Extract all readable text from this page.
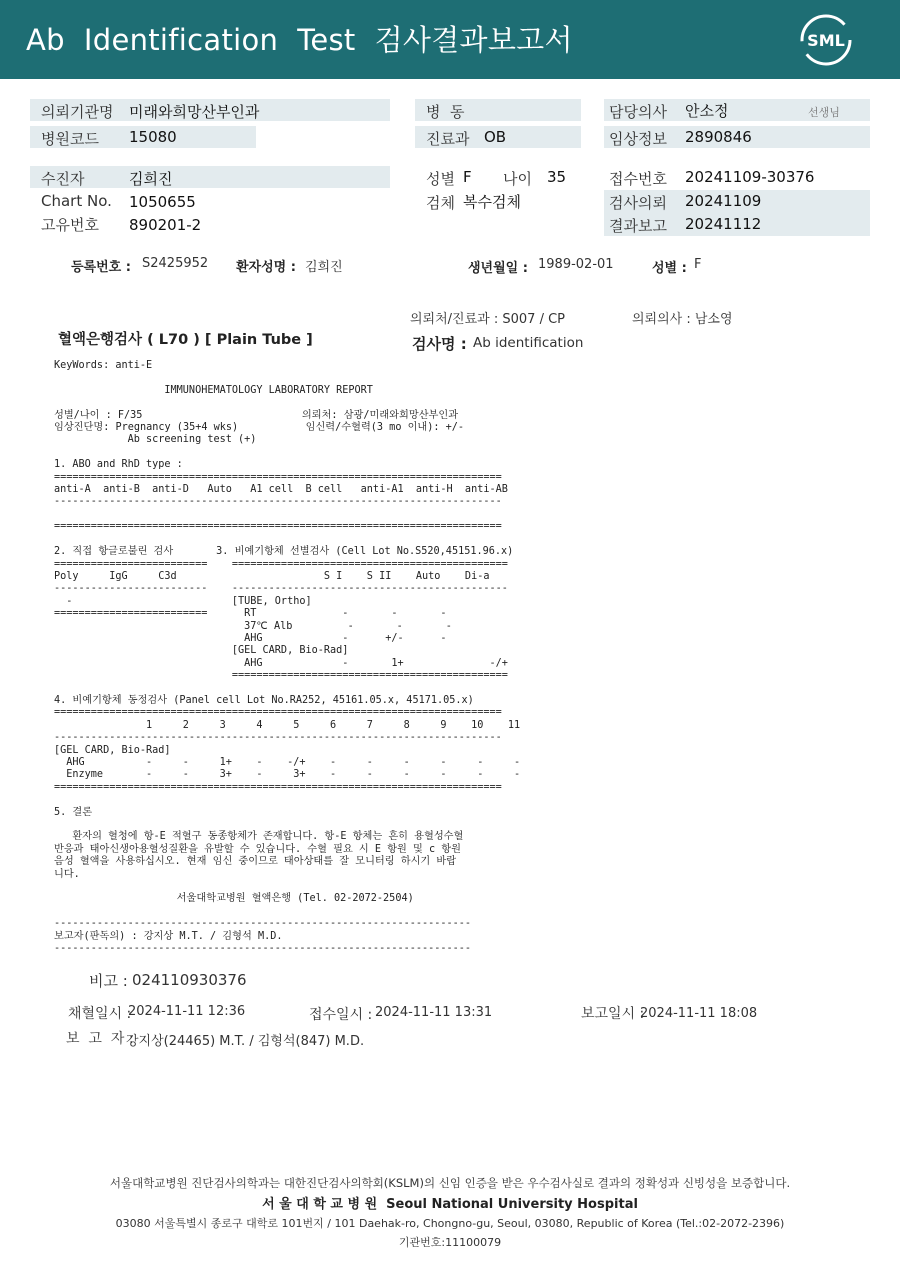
Ab  Identification  Test  검사결과보고서	SML
의뢰기관명 미래와희망산부인과
병원코드 15080
수진자	김희진
Chart No. 1050655
고유번호 890201-2
병  동
진료과 OB
성별 F 나이 35
검체 복수검체
담당의사 안소정	선생님
임상정보 2890846
접수번호 20241109-30376
검사의뢰 20241109
결과보고 20241112
등록번호 : S2425952 환자성명 : 김희진	생년월일 : 1989-02-01	성별 : F
의뢰처/진료과 : S007 / CP	의뢰의사 : 남소영
혈액은행검사 ( L70 ) [ Plain Tube ]	검사명 : Ab identification
KeyWords: anti-E

IMMUNOHEMATOLOGY LABORATORY REPORT

성별/나이 : F/35                          의뢰처: 삼광/미래와희망산부인과
임상진단명: Pregnancy (35+4 wks)           임신력/수혈력(3 mo 이내): +/-
Ab screening test (+)

1. ABO and RhD type :
=========================================================================
anti-A  anti-B  anti-D   Auto   A1 cell  B cell   anti-A1  anti-H  anti-AB
-------------------------------------------------------------------------

=========================================================================

2. 직접 항글로불린 검사       3. 비예기항체 선별검사 (Cell Lot No.S520,45151.96.x)
=========================    =============================================
Poly     IgG     C3d                        S I    S II    Auto    Di-a
-------------------------    ---------------------------------------------
-                          [TUBE, Ortho]
=========================      RT              -       -       -
37℃ Alb         -       -       -
AHG             -      +/-      -
[GEL CARD, Bio-Rad]
AHG             -       1+              -/+
=============================================

4. 비예기항체 동정검사 (Panel cell Lot No.RA252, 45161.05.x, 45171.05.x)
=========================================================================
1     2     3     4     5     6     7     8     9    10    11
-------------------------------------------------------------------------
[GEL CARD, Bio-Rad]
AHG          -     -     1+    -    -/+    -     -     -     -     -     -
Enzyme       -     -     3+    -     3+    -     -     -     -     -     -
=========================================================================

5. 결론

환자의 혈청에 항-E 적혈구 동종항체가 존재합니다. 항-E 항체는 흔히 용혈성수혈
반응과 태아신생아용혈성질환을 유발할 수 있습니다. 수혈 필요 시 E 항원 및 c 항원
음성 혈액을 사용하십시오. 현재 임신 중이므로 태아상태를 잘 모니터링 하시기 바랍
니다.

서울대학교병원 혈액은행 (Tel. 02-2072-2504)

--------------------------------------------------------------------
보고자(판독의) : 강지상 M.T. / 김형석 M.D.
--------------------------------------------------------------------
비고 : 024110930376
채혈일시 :
2024-11-11 12:36	접수일시 : 2024-11-11 13:31	보고일시 :
2024-11-11 18:08
보  고  자 :
강지상(24465) M.T. / 김형석(847) M.D.
서울대학교병원 진단검사의학과는 대한진단검사의학회(KSLM)의 신임 인증을 받은 우수검사실로 결과의 정확성과 신빙성을 보증합니다.
서 울 대 학 교 병 원  Seoul National University Hospital
03080 서울특별시 종로구 대학로 101번지 / 101 Daehak-ro, Chongno-gu, Seoul, 03080, Republic of Korea (Tel.:02-2072-2396)
기관번호:11100079
